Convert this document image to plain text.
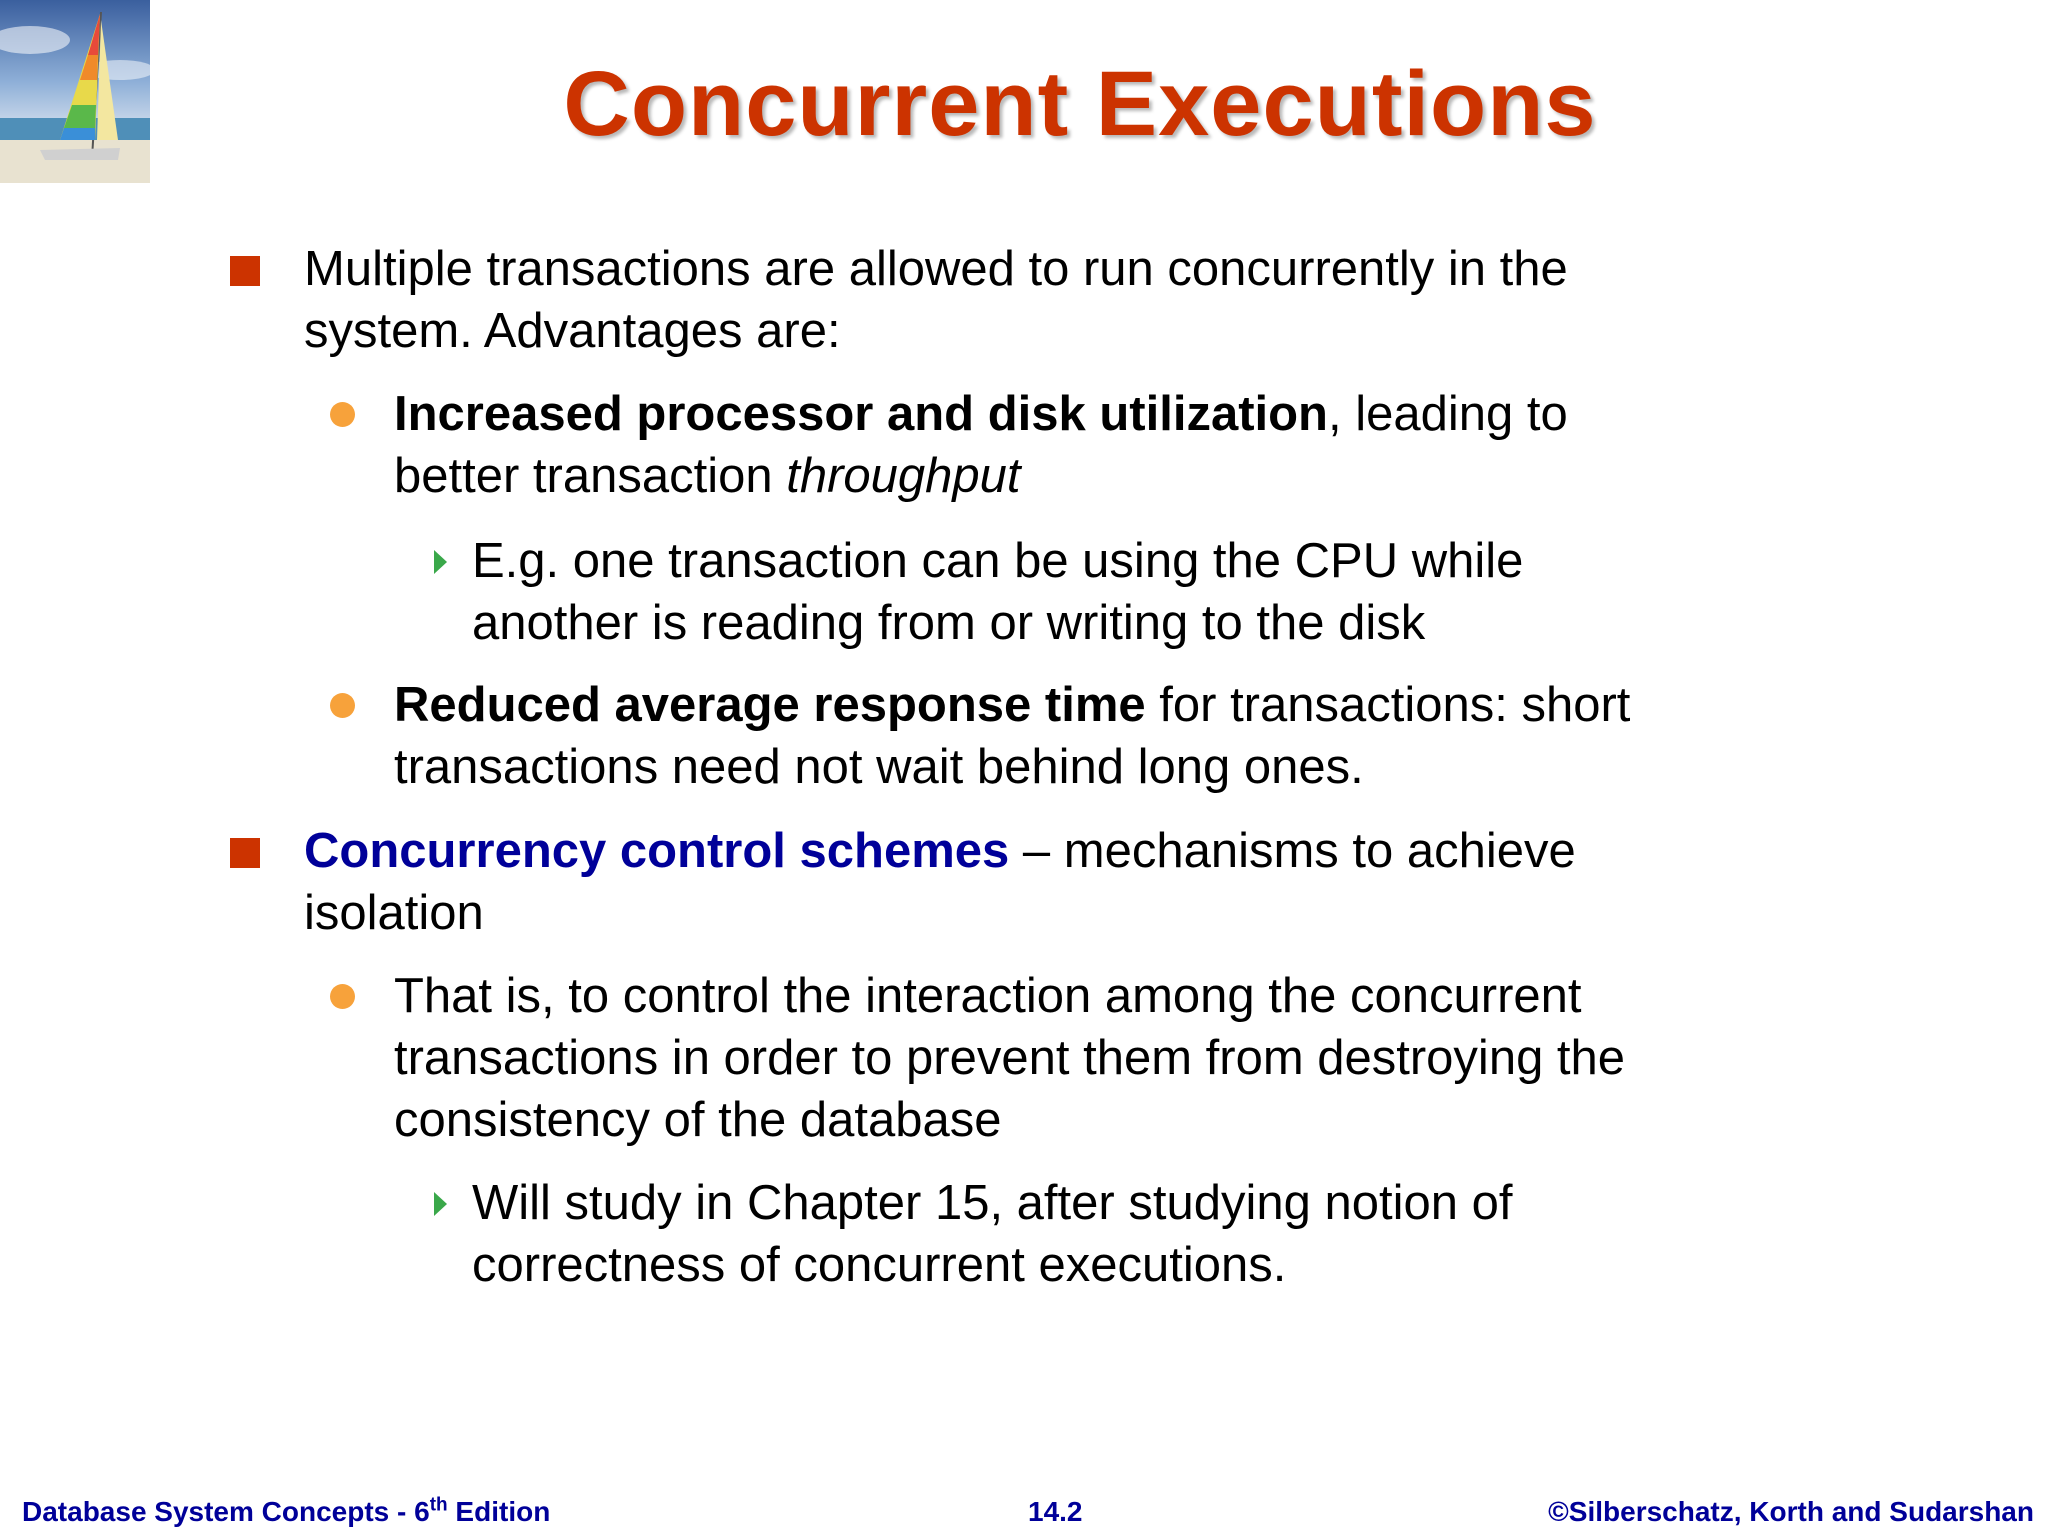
Concurrent Executions
Multiple transactions are allowed to run concurrently in the
system. Advantages are:
Increased processor and disk utilization, leading to
better transaction throughput
E.g. one transaction can be using the CPU while
another is reading from or writing to the disk
Reduced average response time for transactions: short
transactions need not wait behind long ones.
Concurrency control schemes – mechanisms to achieve
isolation
That is, to control the interaction among the concurrent
transactions in order to prevent them from destroying the
consistency of the database
Will study in Chapter 15, after studying notion of
correctness of concurrent executions.
Database System Concepts - 6th Edition	14.2	©Silberschatz, Korth and Sudarshan
